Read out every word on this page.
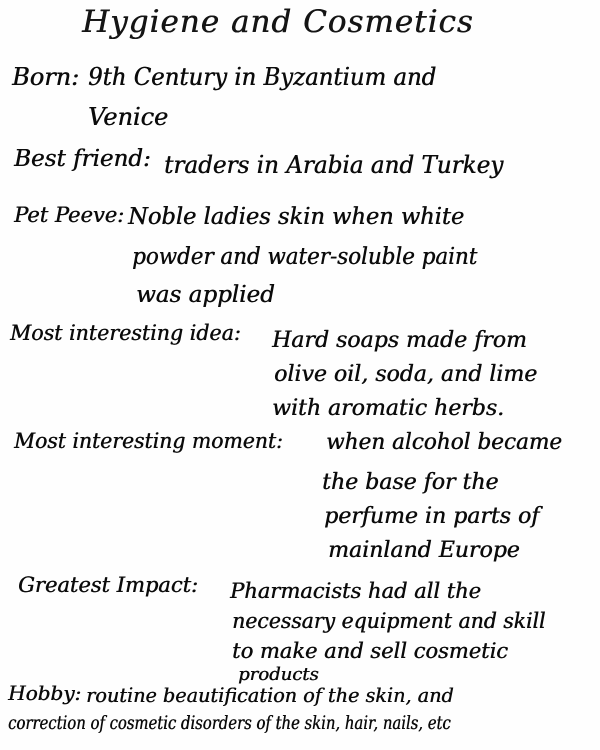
Hygiene and Cosmetics
Born: 9th Century in Byzantium and
Venice
Best friend: traders in Arabia and Turkey
Pet Peeve: Noble ladies skin when white
powder and water-soluble paint
was applied
Most interesting idea: Hard soaps made from
olive oil, soda, and lime
with aromatic herbs.
Most interesting moment: when alcohol became
the base for the
perfume in parts of
mainland Europe
Greatest Impact: Pharmacists had all the
necessary equipment and skill
to make and sell cosmetic
products
Hobby: routine beautification of the skin, and
correction of cosmetic disorders of the skin, hair, nails, etc
